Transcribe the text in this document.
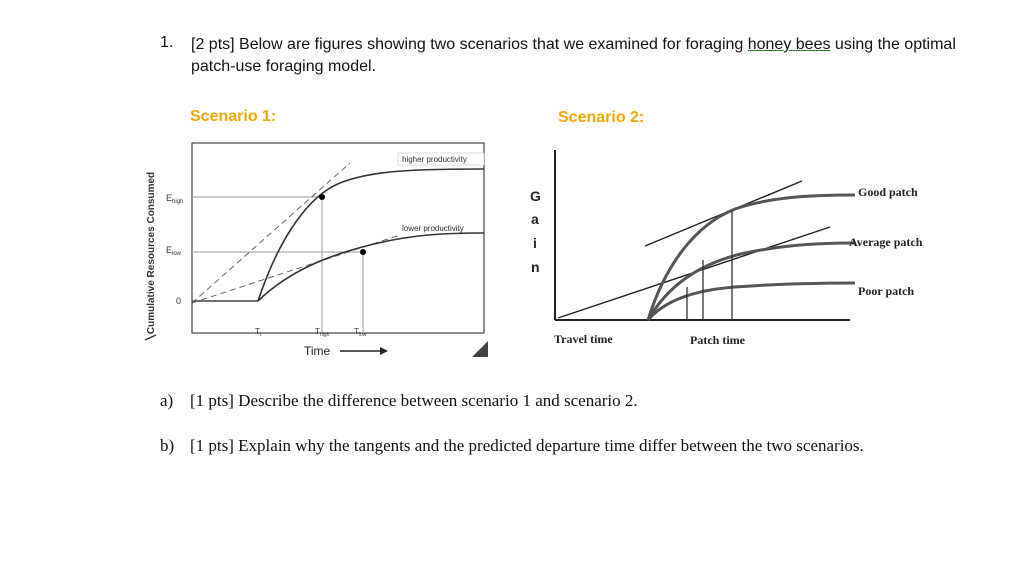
1. [2 pts] Below are figures showing two scenarios that we examined for foraging honey bees using the optimal patch-use foraging model.
Scenario 1:	Scenario 2:
Cumulative Resources Consumed $E_{high}$
$E_{low}$
0
higher productivity
lower productivity
$T_t$	$T_{high}$	$T_{low}$
Time
G
a
i
n
Good patch
Average patch
Poor patch
Travel time	Patch time
a) [1 pts] Describe the difference between scenario 1 and scenario 2.
b) [1 pts] Explain why the tangents and the predicted departure time differ between the two scenarios.
